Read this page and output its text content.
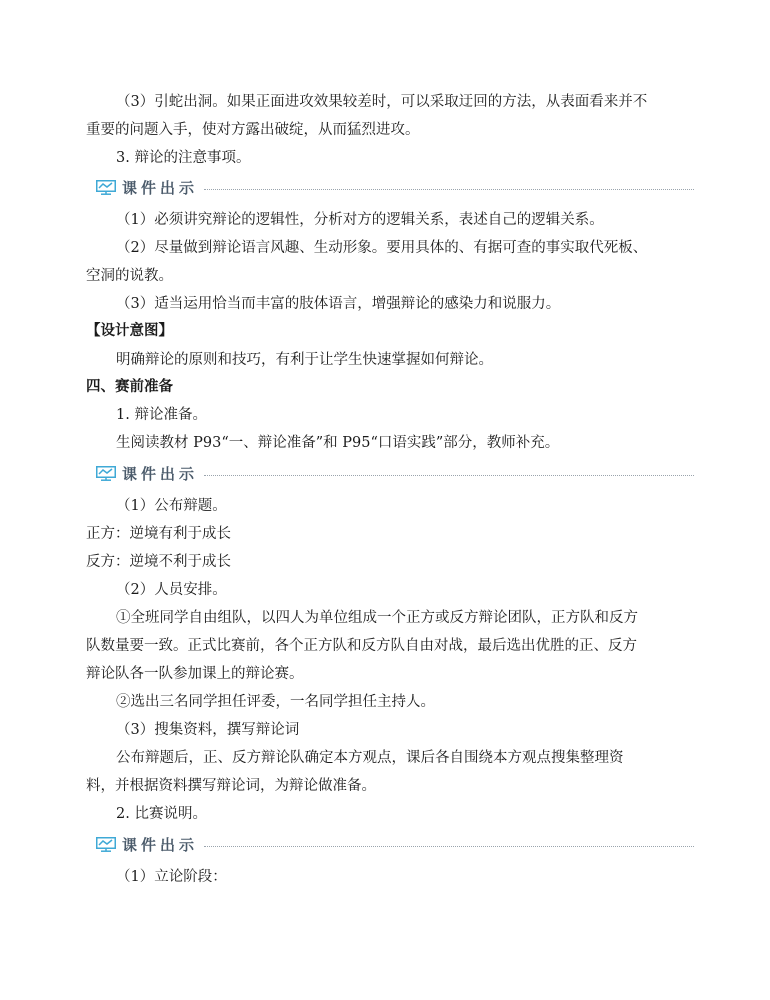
（3）引蛇出洞。如果正面进攻效果较差时，可以采取迂回的方法，从表面看来并不
重要的问题入手，使对方露出破绽，从而猛烈进攻。
3. 辩论的注意事项。
课件出示
（1）必须讲究辩论的逻辑性，分析对方的逻辑关系，表述自己的逻辑关系。
（2）尽量做到辩论语言风趣、生动形象。要用具体的、有据可查的事实取代死板、
空洞的说教。
（3）适当运用恰当而丰富的肢体语言，增强辩论的感染力和说服力。
【设计意图】
明确辩论的原则和技巧，有利于让学生快速掌握如何辩论。
四、赛前准备
1. 辩论准备。
生阅读教材 P93“一、辩论准备”和 P95“口语实践”部分，教师补充。
课件出示
（1）公布辩题。
正方：逆境有利于成长
反方：逆境不利于成长
（2）人员安排。
①全班同学自由组队，以四人为单位组成一个正方或反方辩论团队，正方队和反方
队数量要一致。正式比赛前，各个正方队和反方队自由对战，最后选出优胜的正、反方
辩论队各一队参加课上的辩论赛。
②选出三名同学担任评委，一名同学担任主持人。
（3）搜集资料，撰写辩论词
公布辩题后，正、反方辩论队确定本方观点，课后各自围绕本方观点搜集整理资
料，并根据资料撰写辩论词，为辩论做准备。
2. 比赛说明。
课件出示
（1）立论阶段：
